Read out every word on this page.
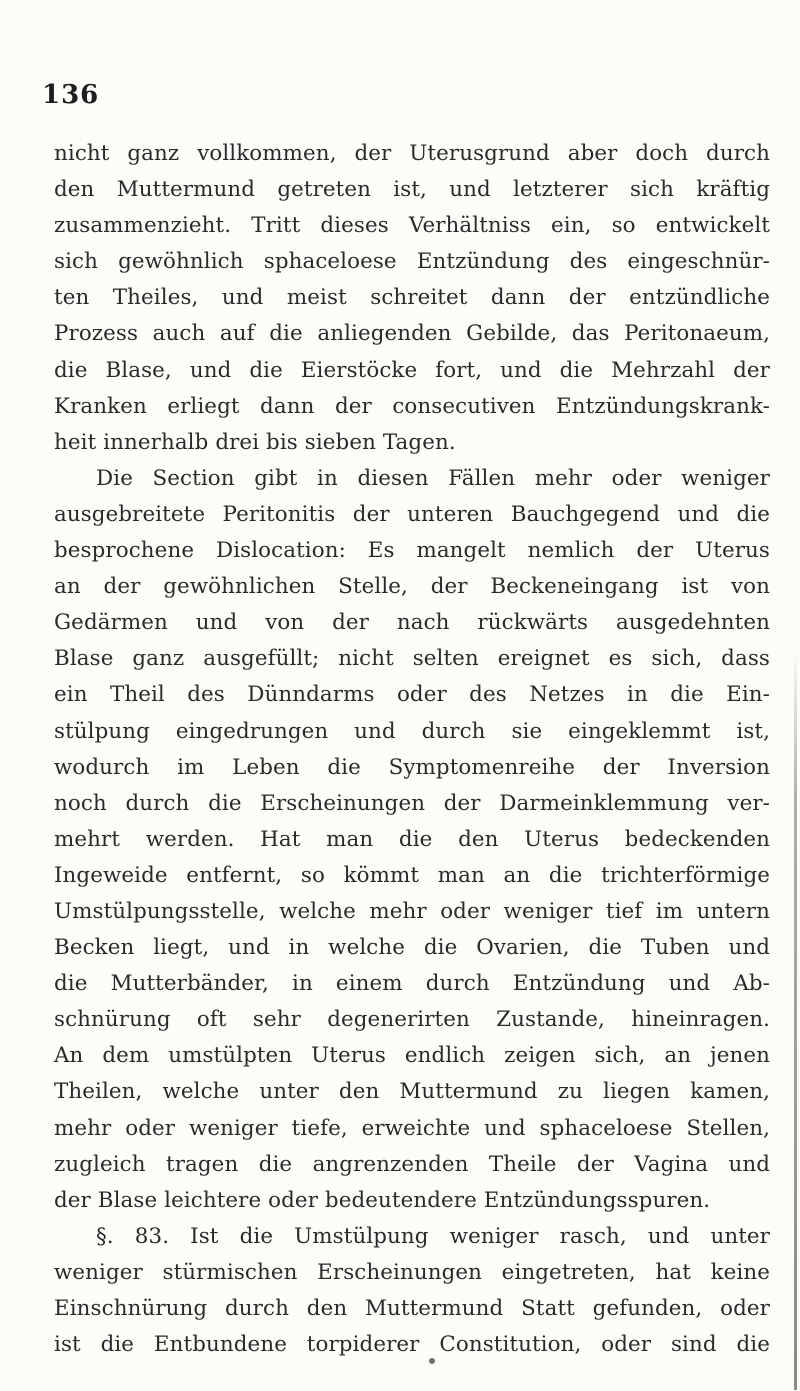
136
nicht ganz vollkommen, der Uterusgrund aber doch durch
den Muttermund getreten ist, und letzterer sich kräftig
zusammenzieht. Tritt dieses Verhältniss ein, so entwickelt
sich gewöhnlich sphaceloese Entzündung des eingeschnür-
ten Theiles, und meist schreitet dann der entzündliche
Prozess auch auf die anliegenden Gebilde, das Peritonaeum,
die Blase, und die Eierstöcke fort, und die Mehrzahl der
Kranken erliegt dann der consecutiven Entzündungskrank-
heit innerhalb drei bis sieben Tagen.
Die Section gibt in diesen Fällen mehr oder weniger
ausgebreitete Peritonitis der unteren Bauchgegend und die
besprochene Dislocation: Es mangelt nemlich der Uterus
an der gewöhnlichen Stelle, der Beckeneingang ist von
Gedärmen und von der nach rückwärts ausgedehnten
Blase ganz ausgefüllt; nicht selten ereignet es sich, dass
ein Theil des Dünndarms oder des Netzes in die Ein-
stülpung eingedrungen und durch sie eingeklemmt ist,
wodurch im Leben die Symptomenreihe der Inversion
noch durch die Erscheinungen der Darmeinklemmung ver-
mehrt werden. Hat man die den Uterus bedeckenden
Ingeweide entfernt, so kömmt man an die trichterförmige
Umstülpungsstelle, welche mehr oder weniger tief im untern
Becken liegt, und in welche die Ovarien, die Tuben und
die Mutterbänder, in einem durch Entzündung und Ab-
schnürung oft sehr degenerirten Zustande, hineinragen.
An dem umstülpten Uterus endlich zeigen sich, an jenen
Theilen, welche unter den Muttermund zu liegen kamen,
mehr oder weniger tiefe, erweichte und sphaceloese Stellen,
zugleich tragen die angrenzenden Theile der Vagina und
der Blase leichtere oder bedeutendere Entzündungsspuren.
§. 83. Ist die Umstülpung weniger rasch, und unter
weniger stürmischen Erscheinungen eingetreten, hat keine
Einschnürung durch den Muttermund Statt gefunden, oder
ist die Entbundene torpiderer Constitution, oder sind die
